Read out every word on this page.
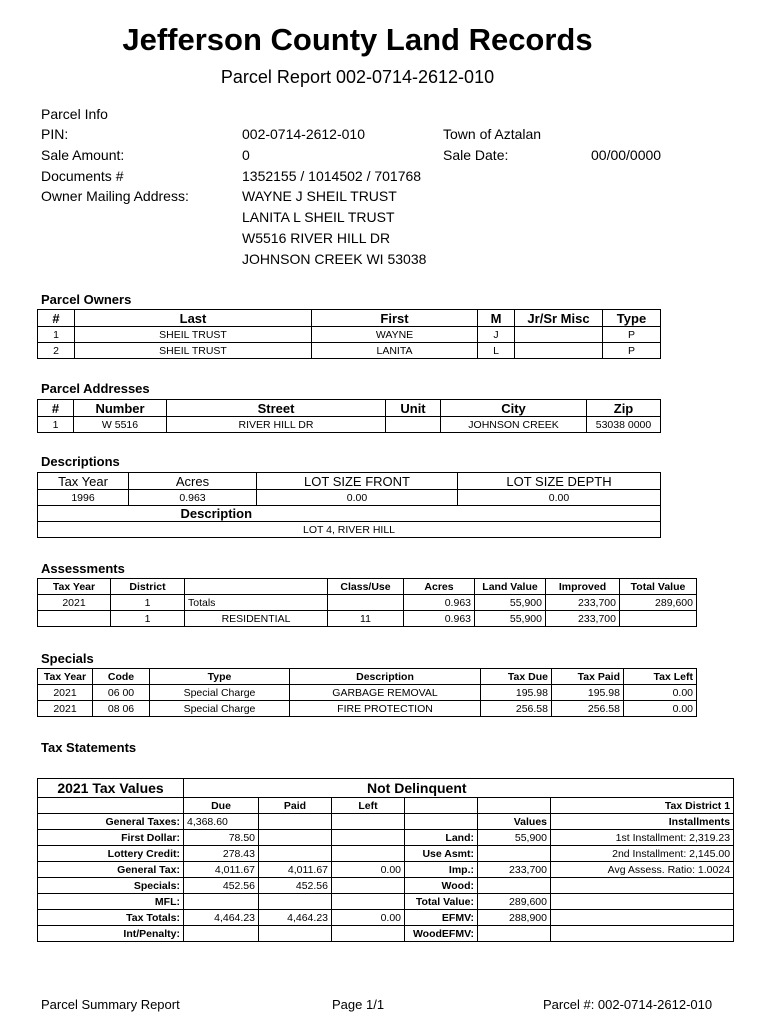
Jefferson County Land Records
Parcel Report 002-0714-2612-010
Parcel Info
PIN:	002-0714-2612-010	Town of Aztalan
Sale Amount:	0	Sale Date:	00/00/0000
Documents #	1352155 / 1014502 / 701768
Owner Mailing Address:	WAYNE J SHEIL TRUST
LANITA L SHEIL TRUST
W5516 RIVER HILL DR
JOHNSON CREEK WI 53038
Parcel Owners
#	Last	First	M	Jr/Sr Misc	Type
1	SHEIL TRUST	WAYNE	J		P
2	SHEIL TRUST	LANITA	L		P
Parcel Addresses
#	Number	Street	Unit	City	Zip
1	W 5516	RIVER HILL DR		JOHNSON CREEK	53038 0000
Descriptions
Tax Year	Acres	LOT SIZE FRONT	LOT SIZE DEPTH
1996	0.963	0.00	0.00
	Description		
LOT 4, RIVER HILL			
Assessments
Tax Year	District		Class/Use	Acres	Land Value	Improved	Total Value
2021	1	Totals		0.963	55,900	233,700	289,600
	1	RESIDENTIAL	11	0.963	55,900	233,700	
Specials
Tax Year	Code	Type	Description	Tax Due	Tax Paid	Tax Left
2021	06 00	Special Charge	GARBAGE REMOVAL	195.98	195.98	0.00
2021	08 06	Special Charge	FIRE PROTECTION	256.58	256.58	0.00
Tax Statements
2021 Tax Values	Not Delinquent					
	Due	Paid	Left			Tax District 1
General Taxes:	4,368.60				Values	Installments
First Dollar:	78.50			Land:	55,900	1st Installment: 2,319.23
Lottery Credit:	278.43			Use Asmt:		2nd Installment: 2,145.00
General Tax:	4,011.67	4,011.67	0.00	Imp.:	233,700	Avg Assess. Ratio: 1.0024
Specials:	452.56	452.56		Wood:		
MFL:				Total Value:	289,600	
Tax Totals:	4,464.23	4,464.23	0.00	EFMV:	288,900	
Int/Penalty:				WoodEFMV:		
Parcel Summary Report	Page 1/1	Parcel #: 002-0714-2612-010
